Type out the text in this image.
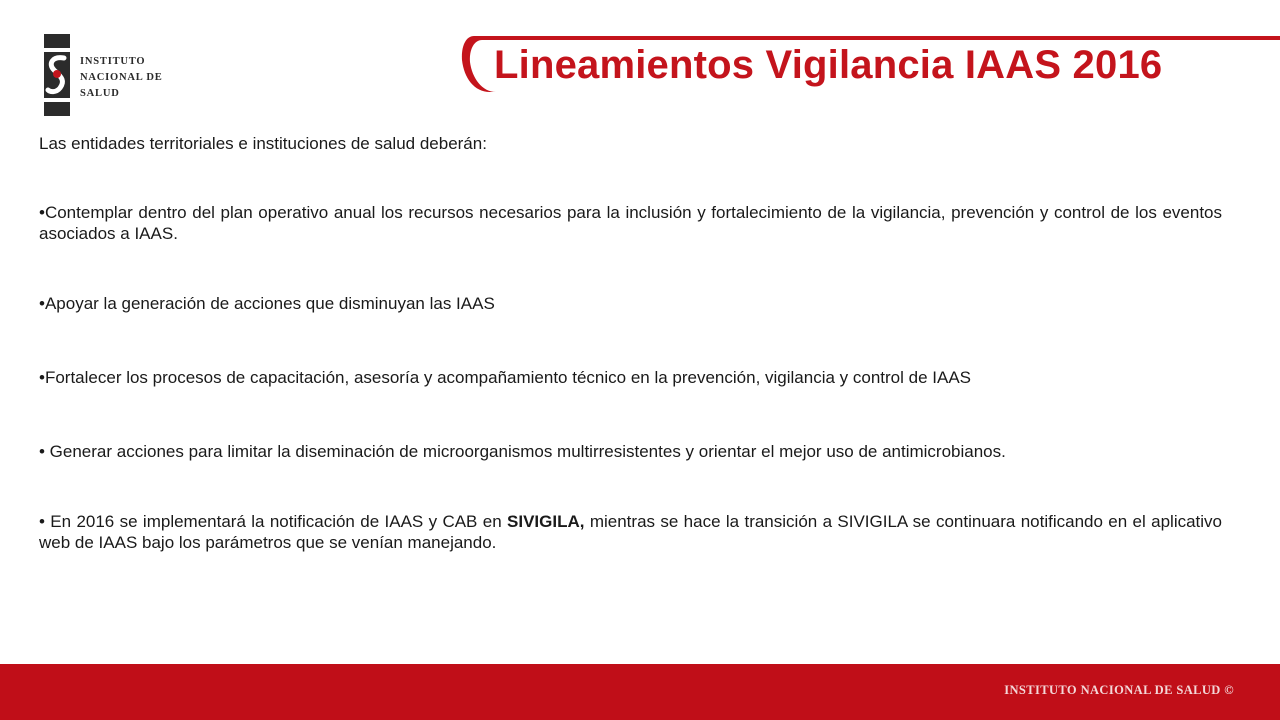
INSTITUTO
NACIONAL DE
SALUD
Lineamientos Vigilancia IAAS 2016

Las entidades territoriales e instituciones de salud deberán:

•Contemplar dentro del plan operativo anual los recursos necesarios para la inclusión y fortalecimiento de la vigilancia, prevención y control de los eventos asociados a IAAS.

•Apoyar la generación de acciones que disminuyan las IAAS

•Fortalecer los procesos de capacitación, asesoría y acompañamiento técnico en la prevención, vigilancia y control de IAAS

• Generar acciones para limitar la diseminación de microorganismos multirresistentes y orientar el mejor uso de antimicrobianos.

• En 2016 se implementará la notificación de IAAS y CAB en SIVIGILA, mientras se hace la transición a SIVIGILA se continuara notificando en el aplicativo web de IAAS bajo los parámetros que se venían manejando.

INSTITUTO NACIONAL DE SALUD ©
